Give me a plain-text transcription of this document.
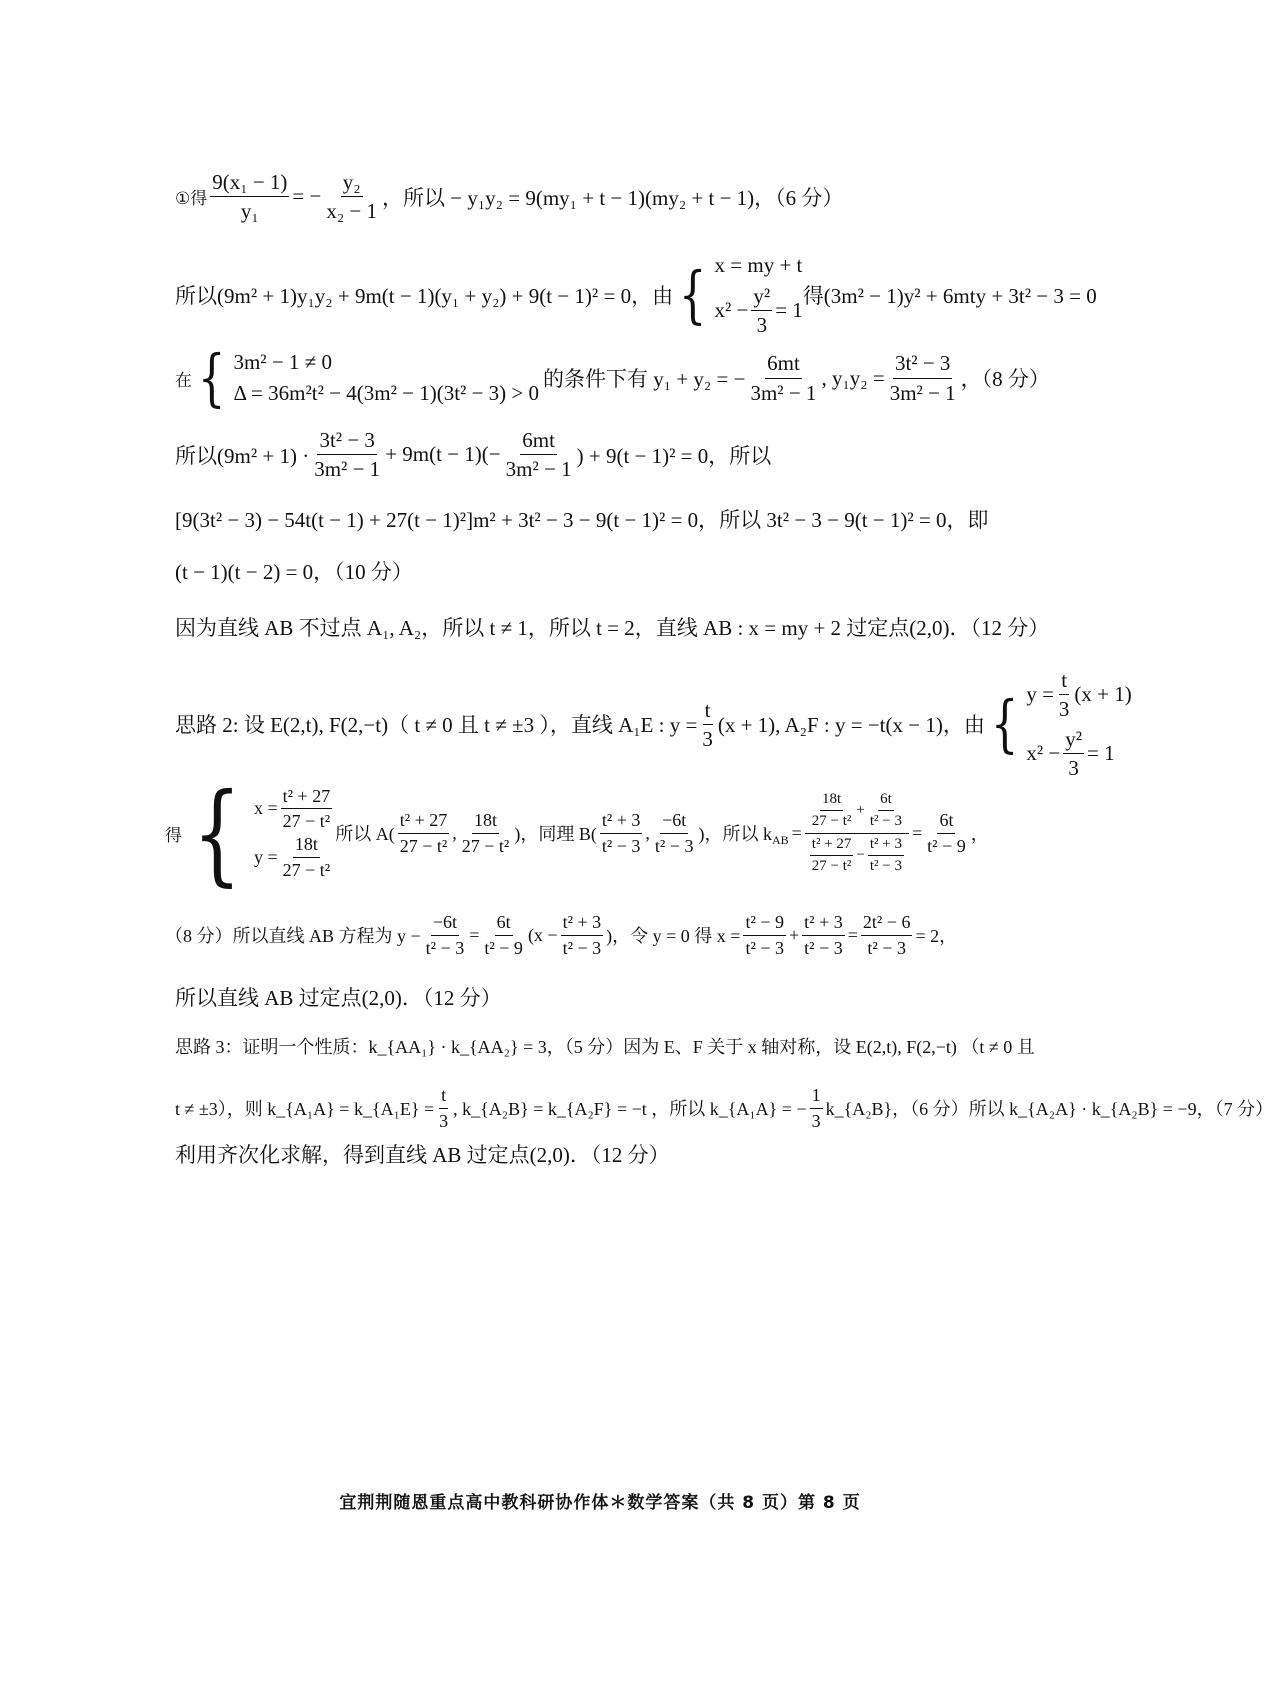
①得 $\frac{\text{9(x₁ − 1)}}{\text{y₁}}$ = − $\frac{\text{y₂}}{\text{x₂ − 1}}$ ，所以 − y₁y₂ = 9(my₁ + t − 1)(my₂ + t − 1)，（6 分）
所以(9m² + 1)y₁y₂ + 9m(t − 1)(y₁ + y₂) + 9(t − 1)² = 0，由 { x = my + t
$x^2 - \frac{\text{y²}}{3} = 1$
得(3m² − 1)y² + 6mty + 3t² − 3 = 0
在 { 3m² − 1 ≠ 0
Δ = 36m²t² − 4(3m² − 1)(3t² − 3) > 0
的条件下有 y₁ + y₂ = − $\frac{6mt}{\text{3m² − 1}}$ , $y_1y_2 = \frac{\text{3t² − 3}}{\text{3m² − 1}}$ ，（8 分）
所以$(9m^2 + 1) \cdot \frac{\text{3t² − 3}}{\text{3m² − 1}} + 9m(t - 1)(- \frac{6mt}{\text{3m² − 1}}$ ) + 9(t − 1)² = 0，所以
[9(3t² − 3) − 54t(t − 1) + 27(t − 1)²]m² + 3t² − 3 − 9(t − 1)² = 0，所以 3t² − 3 − 9(t − 1)² = 0，即
(t − 1)(t − 2) = 0，（10 分）
因为直线 AB 不过点 A₁, A₂，所以 t ≠ 1，所以 t = 2，直线 AB : x = my + 2 过定点(2,0)．（12 分）
思路 2: 设 E(2,t), F(2,−t)（ t ≠ 0 且 t ≠ ±3 ），直线 A₁E : $y = \frac{t}{3} (x + 1)$, A₂F : y = −t(x − 1)，由 { $y = \frac{t}{3} (x + 1)$
$x^2 - \frac{\text{y²}}{3} = 1$
得 { $x = \frac{\text{t² + 27}}{\text{27 − t²}}$
$y = \frac{18t}{\text{27 − t²}}$ 所以 $A( \frac{\text{t² + 27}}{\text{27 − t²}}$ , $\frac{18t}{\text{27 − t²}}$ )，同理 $B( \frac{\text{t² + 3}}{\text{t² − 3}}$ , $\frac{-6t}{\text{t² − 3}}$ )，所以 $k_{AB}$ =
$\frac{18t}{\text{27 − t²}} + \frac{6t}{\text{t² − 3}}$
$\frac{\text{t² + 27}}{\text{27 − t²}} - \frac{\text{t² + 3}}{\text{t² − 3}}$
= $\frac{6t}{\text{t² − 9}}$ ，
（8 分）所以直线 AB 方程为 $y - \frac{-6t}{\text{t² − 3}} = \frac{6t}{\text{t² − 9}} (x - \frac{\text{t² + 3}}{\text{t² − 3}}$ )，令 y = 0 得 $x = \frac{\text{t² − 9}}{\text{t² − 3}} + \frac{\text{t² + 3}}{\text{t² − 3}} = \frac{\text{2t² − 6}}{\text{t² − 3}} = 2$，
所以直线 AB 过定点(2,0)．（12 分）
思路 3：证明一个性质：k_{AA₁} · k_{AA₂} = 3，（5 分）因为 E、F 关于 x 轴对称，设 E(2,t), F(2,−t) （t ≠ 0 且
t ≠ ±3），则 k_{A₁A} = k_{A₁E} = $\frac{t}{3}$ , k_{A₂B} = k_{A₂F} = −t ，所以 k_{A₁A} = − $\frac{1}{3}$ k_{A₂B}，（6 分）所以 k_{A₂A} · k_{A₂B} = −9，（7 分）
利用齐次化求解，得到直线 AB 过定点(2,0)．（12 分）
宜荆荆随恩重点高中教科研协作体＊数学答案（共 8 页）第 8 页
